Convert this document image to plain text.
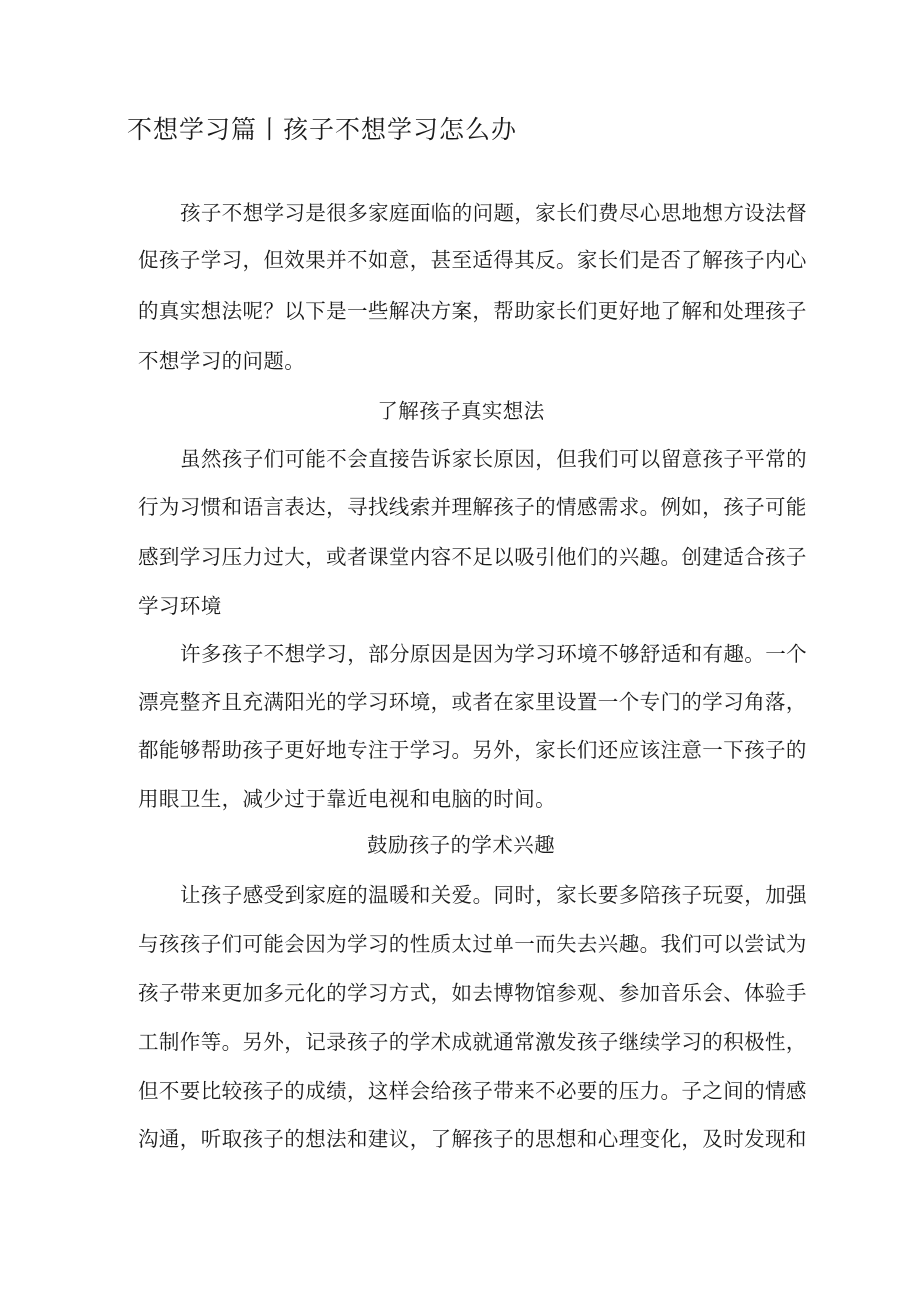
不想学习篇丨孩子不想学习怎么办
孩子不想学习是很多家庭面临的问题，家长们费尽心思地想方设法督
促孩子学习，但效果并不如意，甚至适得其反。家长们是否了解孩子内心
的真实想法呢？以下是一些解决方案，帮助家长们更好地了解和处理孩子
不想学习的问题。
了解孩子真实想法
虽然孩子们可能不会直接告诉家长原因，但我们可以留意孩子平常的
行为习惯和语言表达，寻找线索并理解孩子的情感需求。例如，孩子可能
感到学习压力过大，或者课堂内容不足以吸引他们的兴趣。创建适合孩子
学习环境
许多孩子不想学习，部分原因是因为学习环境不够舒适和有趣。一个
漂亮整齐且充满阳光的学习环境，或者在家里设置一个专门的学习角落，
都能够帮助孩子更好地专注于学习。另外，家长们还应该注意一下孩子的
用眼卫生，减少过于靠近电视和电脑的时间。
鼓励孩子的学术兴趣
让孩子感受到家庭的温暖和关爱。同时，家长要多陪孩子玩耍，加强
与孩孩子们可能会因为学习的性质太过单一而失去兴趣。我们可以尝试为
孩子带来更加多元化的学习方式，如去博物馆参观、参加音乐会、体验手
工制作等。另外，记录孩子的学术成就通常激发孩子继续学习的积极性，
但不要比较孩子的成绩，这样会给孩子带来不必要的压力。子之间的情感
沟通，听取孩子的想法和建议，了解孩子的思想和心理变化，及时发现和
